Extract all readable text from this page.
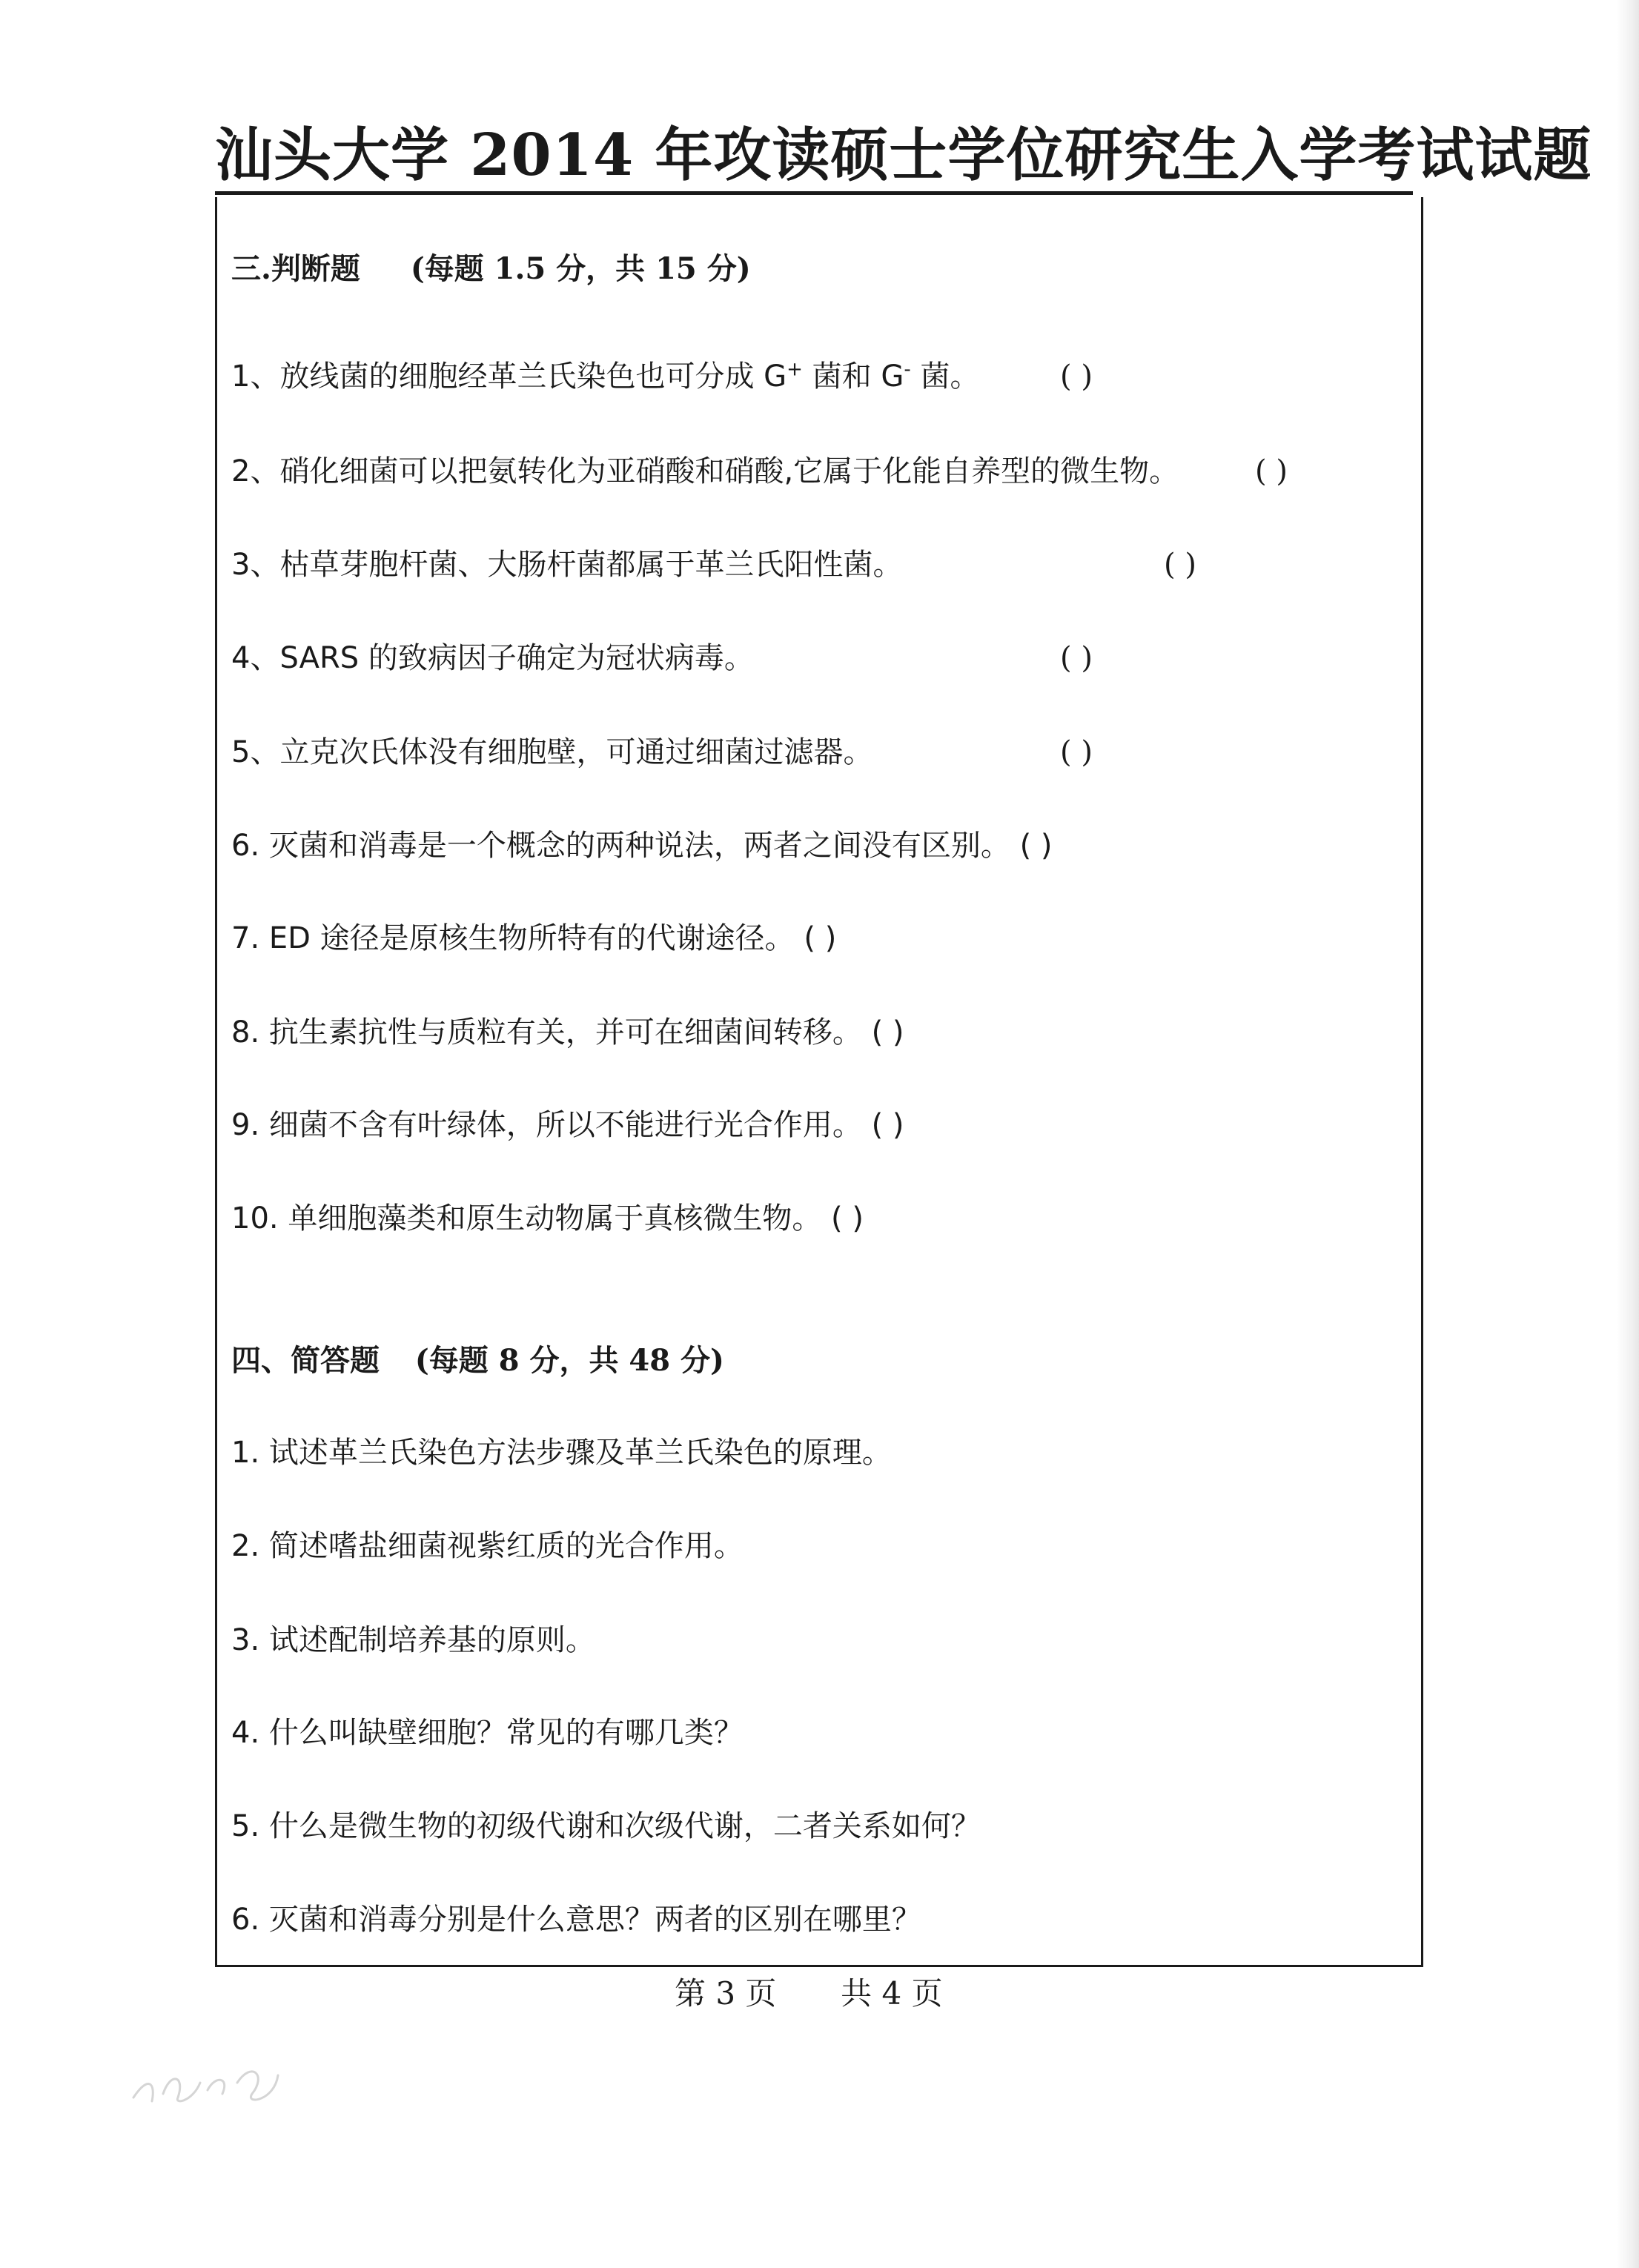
汕头大学 2014 年攻读硕士学位研究生入学考试试题
三.判断题 (每题 1.5 分，共 15 分)
1、放线菌的细胞经革兰氏染色也可分成 G+ 菌和 G- 菌。	( )
2、硝化细菌可以把氨转化为亚硝酸和硝酸,它属于化能自养型的微生物。	( )
3、枯草芽胞杆菌、大肠杆菌都属于革兰氏阳性菌。	( )
4、SARS 的致病因子确定为冠状病毒。	( )
5、立克次氏体没有细胞壁，可通过细菌过滤器。	( )
6. 灭菌和消毒是一个概念的两种说法，两者之间没有区别。 ( )
7. ED 途径是原核生物所特有的代谢途径。 ( )
8. 抗生素抗性与质粒有关，并可在细菌间转移。 ( )
9. 细菌不含有叶绿体，所以不能进行光合作用。 ( )
10. 单细胞藻类和原生动物属于真核微生物。 ( )
四、简答题 (每题 8 分，共 48 分)
1. 试述革兰氏染色方法步骤及革兰氏染色的原理。
2. 简述嗜盐细菌视紫红质的光合作用。
3. 试述配制培养基的原则。
4. 什么叫缺壁细胞？常见的有哪几类？
5. 什么是微生物的初级代谢和次级代谢，二者关系如何？
6. 灭菌和消毒分别是什么意思？两者的区别在哪里？
第 3 页 共 4 页
